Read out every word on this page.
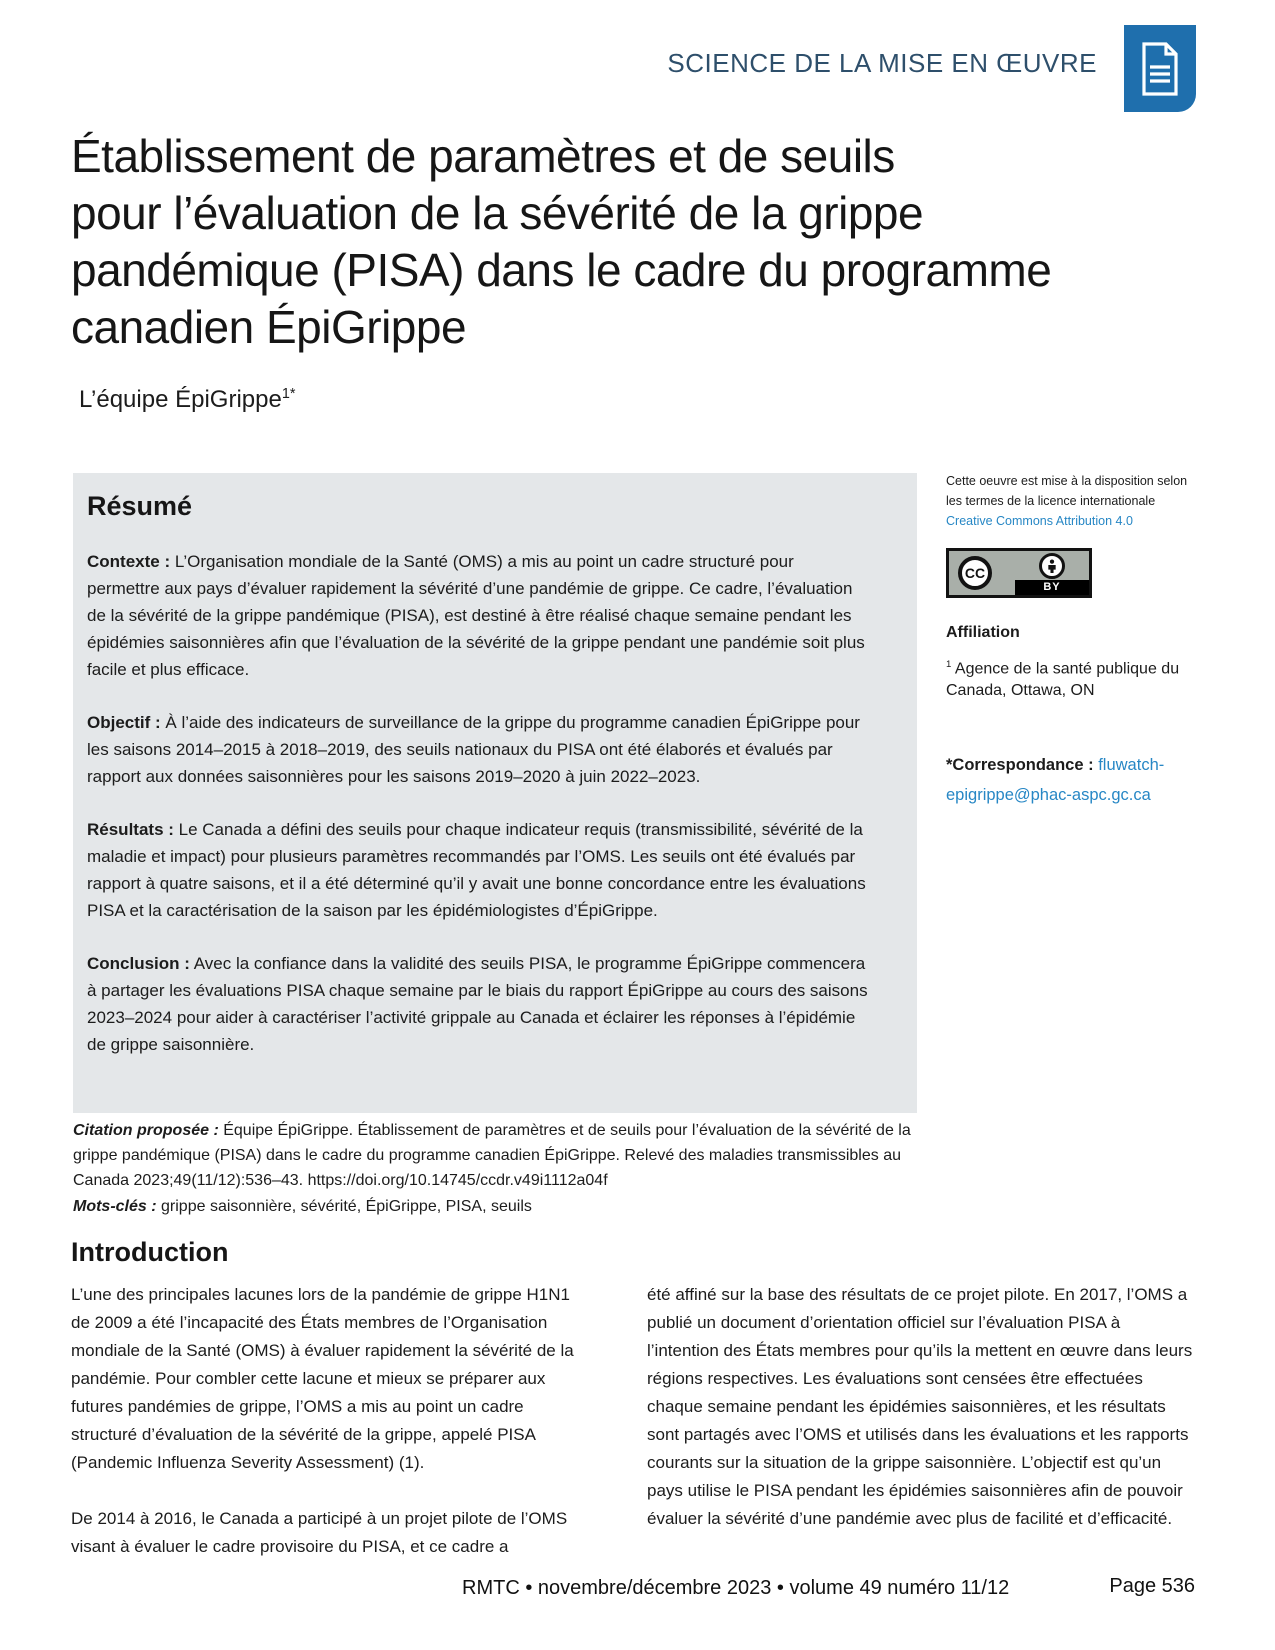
SCIENCE DE LA MISE EN ŒUVRE
Établissement de paramètres et de seuils
pour l’évaluation de la sévérité de la grippe
pandémique (PISA) dans le cadre du programme
canadien ÉpiGrippe
L’équipe ÉpiGrippe$^{1*}$
Résumé

Contexte : L’Organisation mondiale de la Santé (OMS) a mis au point un cadre structuré pour permettre aux pays d’évaluer rapidement la sévérité d’une pandémie de grippe. Ce cadre, l’évaluation de la sévérité de la grippe pandémique (PISA), est destiné à être réalisé chaque semaine pendant les épidémies saisonnières afin que l’évaluation de la sévérité de la grippe pendant une pandémie soit plus facile et plus efficace.

Objectif : À l’aide des indicateurs de surveillance de la grippe du programme canadien ÉpiGrippe pour les saisons 2014–2015 à 2018–2019, des seuils nationaux du PISA ont été élaborés et évalués par rapport aux données saisonnières pour les saisons 2019–2020 à juin 2022–2023.

Résultats : Le Canada a défini des seuils pour chaque indicateur requis (transmissibilité, sévérité de la maladie et impact) pour plusieurs paramètres recommandés par l’OMS. Les seuils ont été évalués par rapport à quatre saisons, et il a été déterminé qu’il y avait une bonne concordance entre les évaluations PISA et la caractérisation de la saison par les épidémiologistes d’ÉpiGrippe.

Conclusion : Avec la confiance dans la validité des seuils PISA, le programme ÉpiGrippe commencera à partager les évaluations PISA chaque semaine par le biais du rapport ÉpiGrippe au cours des saisons 2023–2024 pour aider à caractériser l’activité grippale au Canada et éclairer les réponses à l’épidémie de grippe saisonnière.

Cette oeuvre est mise à la disposition selon
les termes de la licence internationale
Creative Commons Attribution 4.0
CC
BY
Affiliation
$^1$ Agence de la santé publique du Canada, Ottawa, ON
*Correspondance : fluwatch-epigrippe@phac-aspc.gc.ca
Citation proposée : Équipe ÉpiGrippe. Établissement de paramètres et de seuils pour l’évaluation de la sévérité de la grippe pandémique (PISA) dans le cadre du programme canadien ÉpiGrippe. Relevé des maladies transmissibles au Canada 2023;49(11/12):536–43. https://doi.org/10.14745/ccdr.v49i1112a04f
Mots-clés : grippe saisonnière, sévérité, ÉpiGrippe, PISA, seuils
Introduction

L’une des principales lacunes lors de la pandémie de grippe H1N1 de 2009 a été l’incapacité des États membres de l’Organisation mondiale de la Santé (OMS) à évaluer rapidement la sévérité de la pandémie. Pour combler cette lacune et mieux se préparer aux futures pandémies de grippe, l’OMS a mis au point un cadre structuré d’évaluation de la sévérité de la grippe, appelé PISA (Pandemic Influenza Severity Assessment) (1).

De 2014 à 2016, le Canada a participé à un projet pilote de l’OMS visant à évaluer le cadre provisoire du PISA, et ce cadre a

été affiné sur la base des résultats de ce projet pilote. En 2017, l’OMS a publié un document d’orientation officiel sur l’évaluation PISA à l’intention des États membres pour qu’ils la mettent en œuvre dans leurs régions respectives. Les évaluations sont censées être effectuées chaque semaine pendant les épidémies saisonnières, et les résultats sont partagés avec l’OMS et utilisés dans les évaluations et les rapports courants sur la situation de la grippe saisonnière. L’objectif est qu’un pays utilise le PISA pendant les épidémies saisonnières afin de pouvoir évaluer la sévérité d’une pandémie avec plus de facilité et d’efficacité.

RMTC • novembre/décembre 2023 • volume 49 numéro 11/12	Page 536
